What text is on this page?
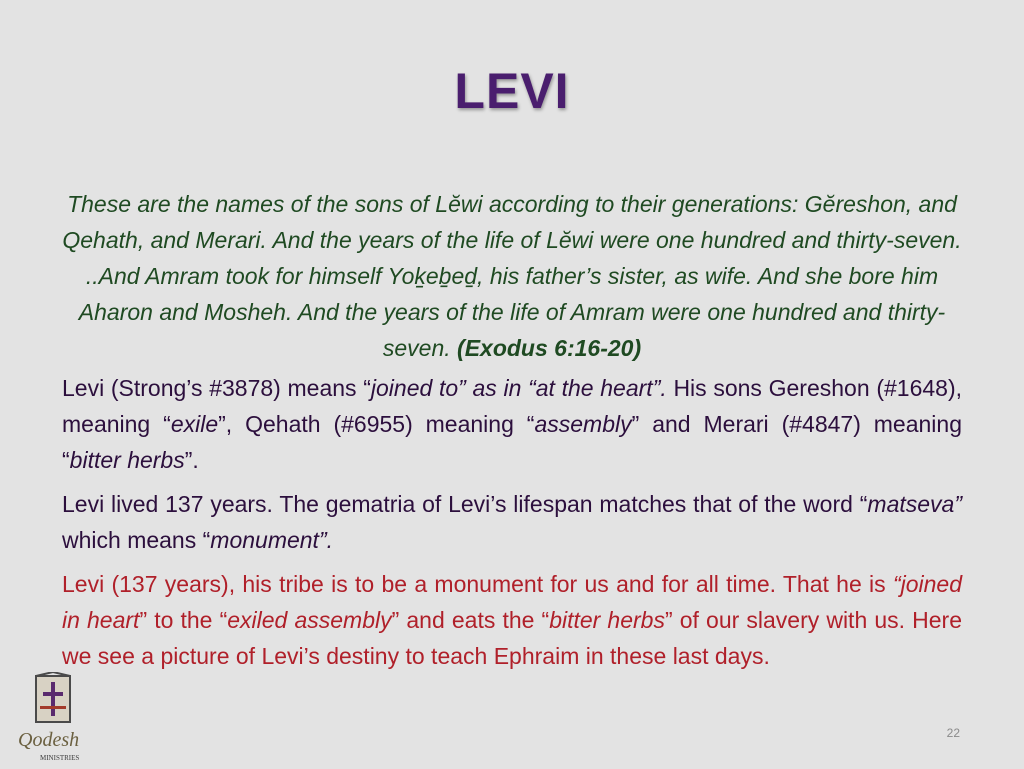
LEVI

These are the names of the sons of Lĕwi according to their generations: Gĕreshon, and Qehath, and Merari. And the years of the life of Lĕwi were one hundred and thirty-seven. ..And Amram took for himself Yoḵeḇeḏ, his father’s sister, as wife. And she bore him Aharon and Mosheh. And the years of the life of Amram were one hundred and thirty-seven. (Exodus 6:16-20)

Levi (Strong’s #3878) means “joined to” as in “at the heart”. His sons Gereshon (#1648), meaning “exile”, Qehath (#6955) meaning “assembly” and Merari (#4847) meaning “bitter herbs”.

Levi lived 137 years. The gematria of Levi’s lifespan matches that of the word “matseva” which means “monument”.

Levi (137 years), his tribe is to be a monument for us and for all time. That he is “joined in heart” to the “exiled assembly” and eats the “bitter herbs” of our slavery with us. Here we see a picture of Levi’s destiny to teach Ephraim in these last days.

Qodesh
MINISTRIES
22
